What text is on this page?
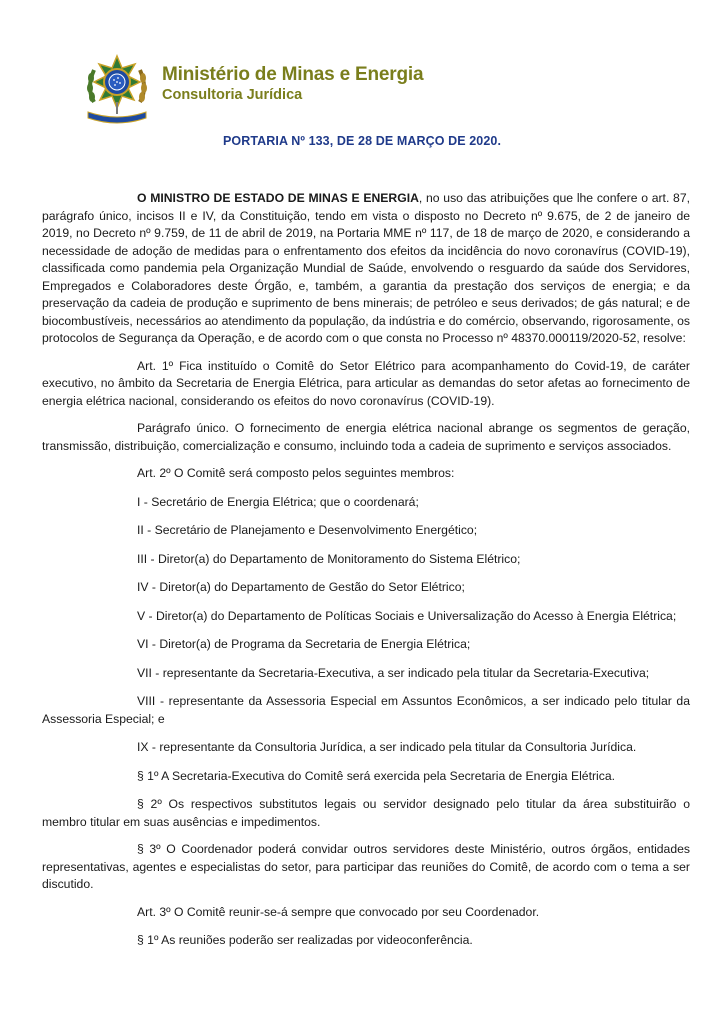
Ministério de Minas e Energia
Consultoria Jurídica
PORTARIA Nº 133, DE 28 DE MARÇO DE 2020.

O MINISTRO DE ESTADO DE MINAS E ENERGIA, no uso das atribuições que lhe confere o art. 87, parágrafo único, incisos II e IV, da Constituição, tendo em vista o disposto no Decreto nº 9.675, de 2 de janeiro de 2019, no Decreto nº 9.759, de 11 de abril de 2019, na Portaria MME nº 117, de 18 de março de 2020, e considerando a necessidade de adoção de medidas para o enfrentamento dos efeitos da incidência do novo coronavírus (COVID-19), classificada como pandemia pela Organização Mundial de Saúde, envolvendo o resguardo da saúde dos Servidores, Empregados e Colaboradores deste Órgão, e, também, a garantia da prestação dos serviços de energia; e da preservação da cadeia de produção e suprimento de bens minerais; de petróleo e seus derivados; de gás natural; e de biocombustíveis, necessários ao atendimento da população, da indústria e do comércio, observando, rigorosamente, os protocolos de Segurança da Operação, e de acordo com o que consta no Processo nº 48370.000119/2020-52, resolve:

Art. 1º Fica instituído o Comitê do Setor Elétrico para acompanhamento do Covid-19, de caráter executivo, no âmbito da Secretaria de Energia Elétrica, para articular as demandas do setor afetas ao fornecimento de energia elétrica nacional, considerando os efeitos do novo coronavírus (COVID-19).

Parágrafo único. O fornecimento de energia elétrica nacional abrange os segmentos de geração, transmissão, distribuição, comercialização e consumo, incluindo toda a cadeia de suprimento e serviços associados.

Art. 2º O Comitê será composto pelos seguintes membros:

I - Secretário de Energia Elétrica; que o coordenará;

II - Secretário de Planejamento e Desenvolvimento Energético;

III - Diretor(a) do Departamento de Monitoramento do Sistema Elétrico;

IV - Diretor(a) do Departamento de Gestão do Setor Elétrico;

V - Diretor(a) do Departamento de Políticas Sociais e Universalização do Acesso à Energia Elétrica;

VI - Diretor(a) de Programa da Secretaria de Energia Elétrica;

VII - representante da Secretaria-Executiva, a ser indicado pela titular da Secretaria-Executiva;

VIII - representante da Assessoria Especial em Assuntos Econômicos, a ser indicado pelo titular da Assessoria Especial; e

IX - representante da Consultoria Jurídica, a ser indicado pela titular da Consultoria Jurídica.

§ 1º A Secretaria-Executiva do Comitê será exercida pela Secretaria de Energia Elétrica.

§ 2º Os respectivos substitutos legais ou servidor designado pelo titular da área substituirão o membro titular em suas ausências e impedimentos.

§ 3º O Coordenador poderá convidar outros servidores deste Ministério, outros órgãos, entidades representativas, agentes e especialistas do setor, para participar das reuniões do Comitê, de acordo com o tema a ser discutido.

Art. 3º O Comitê reunir-se-á sempre que convocado por seu Coordenador.

§ 1º As reuniões poderão ser realizadas por videoconferência.
